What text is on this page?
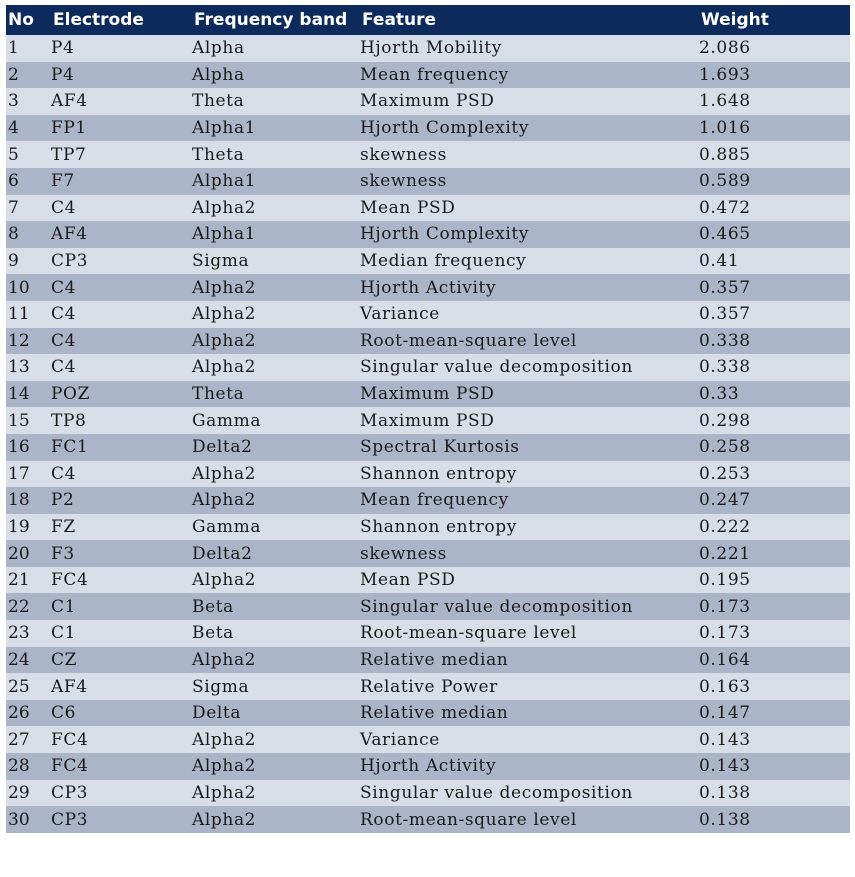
No	Electrode	Frequency band	Feature	Weight
1	P4	Alpha	Hjorth Mobility	2.086
2	P4	Alpha	Mean frequency	1.693
3	AF4	Theta	Maximum PSD	1.648
4	FP1	Alpha1	Hjorth Complexity	1.016
5	TP7	Theta	skewness	0.885
6	F7	Alpha1	skewness	0.589
7	C4	Alpha2	Mean PSD	0.472
8	AF4	Alpha1	Hjorth Complexity	0.465
9	CP3	Sigma	Median frequency	0.41
10	C4	Alpha2	Hjorth Activity	0.357
11	C4	Alpha2	Variance	0.357
12	C4	Alpha2	Root-mean-square level	0.338
13	C4	Alpha2	Singular value decomposition	0.338
14	POZ	Theta	Maximum PSD	0.33
15	TP8	Gamma	Maximum PSD	0.298
16	FC1	Delta2	Spectral Kurtosis	0.258
17	C4	Alpha2	Shannon entropy	0.253
18	P2	Alpha2	Mean frequency	0.247
19	FZ	Gamma	Shannon entropy	0.222
20	F3	Delta2	skewness	0.221
21	FC4	Alpha2	Mean PSD	0.195
22	C1	Beta	Singular value decomposition	0.173
23	C1	Beta	Root-mean-square level	0.173
24	CZ	Alpha2	Relative median	0.164
25	AF4	Sigma	Relative Power	0.163
26	C6	Delta	Relative median	0.147
27	FC4	Alpha2	Variance	0.143
28	FC4	Alpha2	Hjorth Activity	0.143
29	CP3	Alpha2	Singular value decomposition	0.138
30	CP3	Alpha2	Root-mean-square level	0.138
